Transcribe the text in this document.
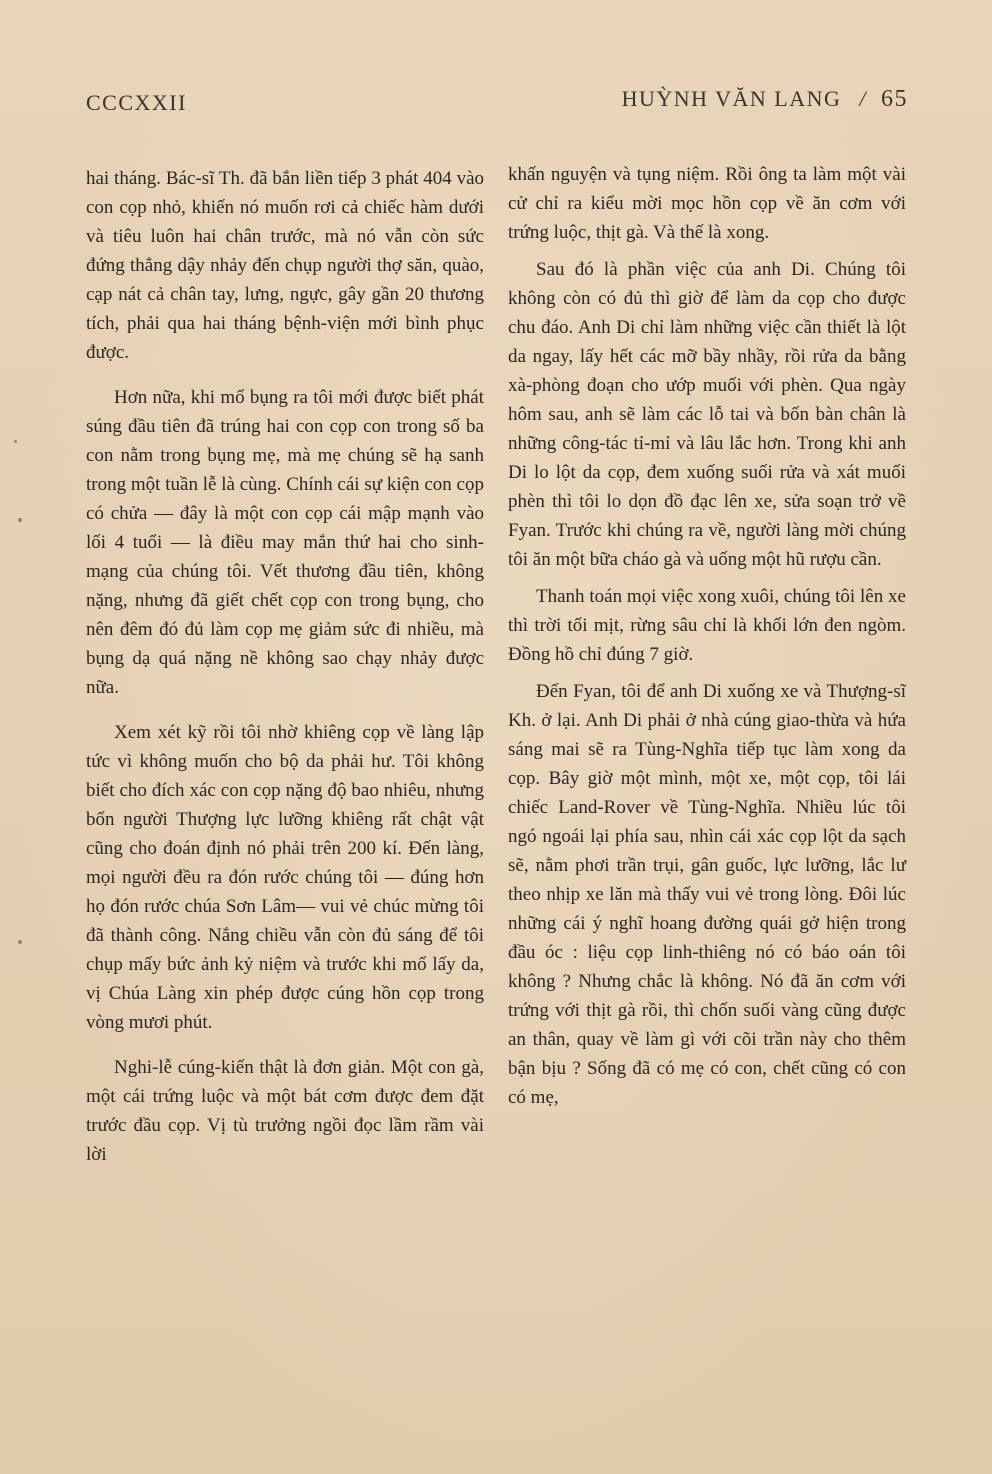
CCCXXII	HUỲNH VĂN LANG / 65

hai tháng. Bác-sĩ Th. đã bắn liền tiếp 3 phát 404 vào con cọp nhỏ, khiến nó muốn rơi cả chiếc hàm dưới và tiêu luôn hai chân trước, mà nó vẫn còn sức đứng thẳng dậy nhảy đến chụp người thợ săn, quào, cạp nát cả chân tay, lưng, ngực, gây gần 20 thương tích, phải qua hai tháng bệnh-viện mới bình phục được.

Hơn nữa, khi mổ bụng ra tôi mới được biết phát súng đầu tiên đã trúng hai con cọp con trong số ba con nằm trong bụng mẹ, mà mẹ chúng sẽ hạ sanh trong một tuần lễ là cùng. Chính cái sự kiện con cọp có chửa — đây là một con cọp cái mập mạnh vào lối 4 tuổi — là điều may mắn thứ hai cho sinh-mạng của chúng tôi. Vết thương đầu tiên, không nặng, nhưng đã giết chết cọp con trong bụng, cho nên đêm đó đủ làm cọp mẹ giảm sức đi nhiều, mà bụng dạ quá nặng nề không sao chạy nhảy được nữa.

Xem xét kỹ rồi tôi nhờ khiêng cọp về làng lập tức vì không muốn cho bộ da phải hư. Tôi không biết cho đích xác con cọp nặng độ bao nhiêu, nhưng bốn người Thượng lực lưỡng khiêng rất chật vật cũng cho đoán định nó phải trên 200 kí. Đến làng, mọi người đều ra đón rước chúng tôi — đúng hơn họ đón rước chúa Sơn Lâm— vui vẻ chúc mừng tôi đã thành công. Nắng chiều vẫn còn đủ sáng để tôi chụp mấy bức ảnh kỷ niệm và trước khi mổ lấy da, vị Chúa Làng xin phép được cúng hồn cọp trong vòng mươi phút.

Nghi-lễ cúng-kiến thật là đơn giản. Một con gà, một cái trứng luộc và một bát cơm được đem đặt trước đầu cọp. Vị tù trưởng ngồi đọc lầm rầm vài lời

khấn nguyện và tụng niệm. Rồi ông ta làm một vài cử chỉ ra kiểu mời mọc hồn cọp về ăn cơm với trứng luộc, thịt gà. Và thế là xong.

Sau đó là phần việc của anh Di. Chúng tôi không còn có đủ thì giờ để làm da cọp cho được chu đáo. Anh Di chỉ làm những việc cần thiết là lột da ngay, lấy hết các mỡ bầy nhầy, rồi rửa da bằng xà-phòng đoạn cho ướp muối với phèn. Qua ngày hôm sau, anh sẽ làm các lỗ tai và bốn bàn chân là những công-tác tỉ-mỉ và lâu lắc hơn. Trong khi anh Di lo lột da cọp, đem xuống suối rửa và xát muối phèn thì tôi lo dọn đồ đạc lên xe, sửa soạn trở về Fyan. Trước khi chúng ra về, người làng mời chúng tôi ăn một bữa cháo gà và uống một hũ rượu cần.

Thanh toán mọi việc xong xuôi, chúng tôi lên xe thì trời tối mịt, rừng sâu chỉ là khối lớn đen ngòm. Đồng hồ chỉ đúng 7 giờ.

Đến Fyan, tôi để anh Di xuống xe và Thượng-sĩ Kh. ở lại. Anh Di phải ở nhà cúng giao-thừa và hứa sáng mai sẽ ra Tùng-Nghĩa tiếp tục làm xong da cọp. Bây giờ một mình, một xe, một cọp, tôi lái chiếc Land-Rover về Tùng-Nghĩa. Nhiều lúc tôi ngó ngoái lại phía sau, nhìn cái xác cọp lột da sạch sẽ, nằm phơi trần trụi, gân guốc, lực lưỡng, lắc lư theo nhịp xe lăn mà thấy vui vẻ trong lòng. Đôi lúc những cái ý nghĩ hoang đường quái gở hiện trong đầu óc : liệu cọp linh-thiêng nó có báo oán tôi không ? Nhưng chắc là không. Nó đã ăn cơm với trứng với thịt gà rồi, thì chốn suối vàng cũng được an thân, quay về làm gì với cõi trần này cho thêm bận bịu ? Sống đã có mẹ có con, chết cũng có con có mẹ,
